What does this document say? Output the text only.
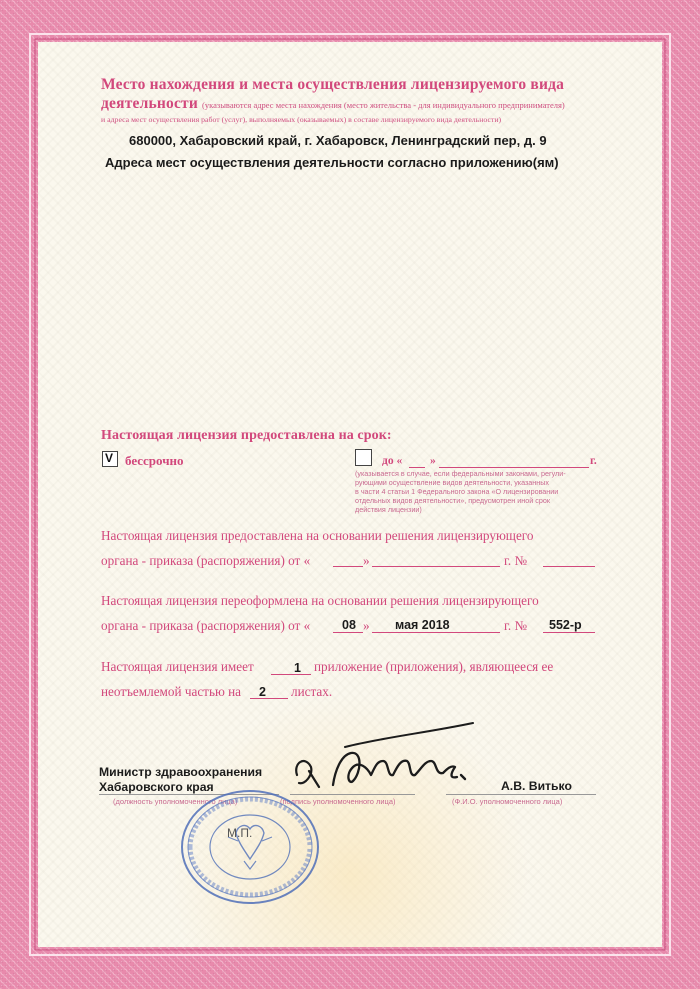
Место нахождения и места осуществления лицензируемого вида
деятельности (указываются адрес места нахождения (место жительства - для индивидуального предпринимателя)
и адреса мест осуществления работ (услуг), выполняемых (оказываемых) в составе лицензируемого вида деятельности)
680000, Хабаровский край, г. Хабаровск, Ленинградский пер, д. 9
Адреса мест осуществления деятельности согласно приложению(ям)
Настоящая лицензия предоставлена на срок:
V бессрочно	до « »	г.
(указывается в случае, если федеральными законами, регули-
рующими осуществление видов деятельности, указанных
в части 4 статьи 1 Федерального закона «О лицензировании
отдельных видов деятельности», предусмотрен иной срок
действия лицензии)
Настоящая лицензия предоставлена на основании решения лицензирующего
органа - приказа (распоряжения) от «	»	г. №
Настоящая лицензия переоформлена на основании решения лицензирующего
органа - приказа (распоряжения) от «	08 » мая 2018	г. № 552-р
Настоящая лицензия имеет	1 приложение (приложения), являющееся ее
неотъемлемой частью на 2 листах.
Министр здравоохранения
Хабаровского края	А.В. Витько
(должность уполномоченного лица)	(подпись уполномоченного лица)	(Ф.И.О. уполномоченного лица)
М.П.
